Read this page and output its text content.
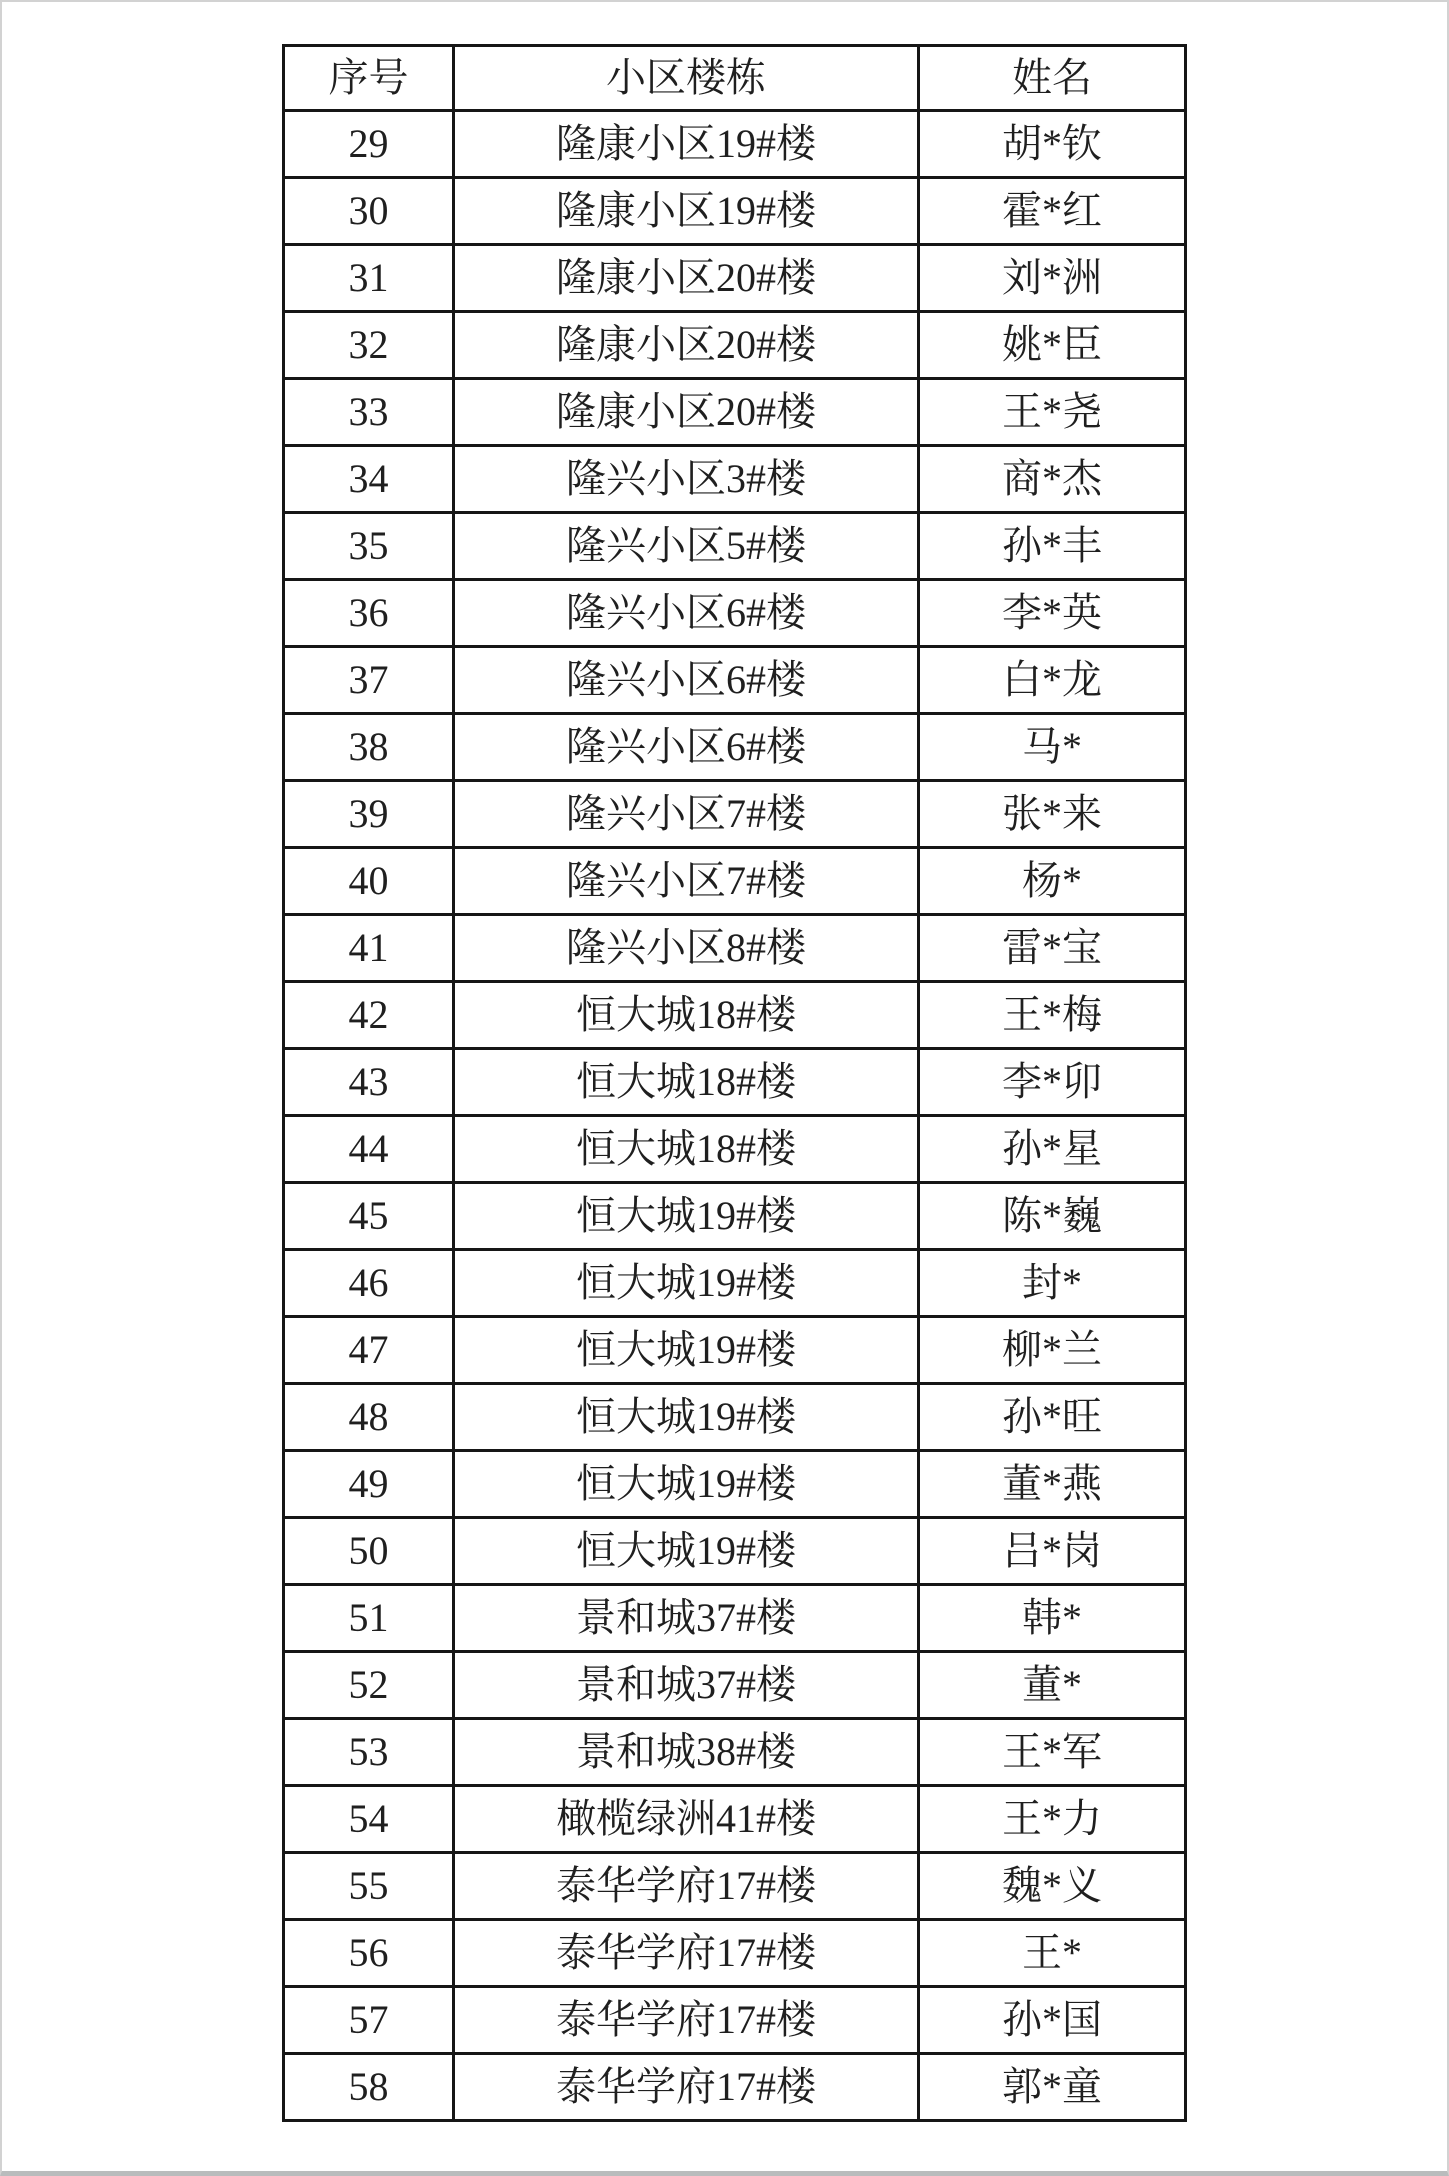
序号	小区楼栋	姓名
29	隆康小区19#楼	胡*钦
30	隆康小区19#楼	霍*红
31	隆康小区20#楼	刘*洲
32	隆康小区20#楼	姚*臣
33	隆康小区20#楼	王*尧
34	隆兴小区3#楼	商*杰
35	隆兴小区5#楼	孙*丰
36	隆兴小区6#楼	李*英
37	隆兴小区6#楼	白*龙
38	隆兴小区6#楼	马*
39	隆兴小区7#楼	张*来
40	隆兴小区7#楼	杨*
41	隆兴小区8#楼	雷*宝
42	恒大城18#楼	王*梅
43	恒大城18#楼	李*卯
44	恒大城18#楼	孙*星
45	恒大城19#楼	陈*巍
46	恒大城19#楼	封*
47	恒大城19#楼	柳*兰
48	恒大城19#楼	孙*旺
49	恒大城19#楼	董*燕
50	恒大城19#楼	吕*岗
51	景和城37#楼	韩*
52	景和城37#楼	董*
53	景和城38#楼	王*军
54	橄榄绿洲41#楼	王*力
55	泰华学府17#楼	魏*义
56	泰华学府17#楼	王*
57	泰华学府17#楼	孙*国
58	泰华学府17#楼	郭*童
